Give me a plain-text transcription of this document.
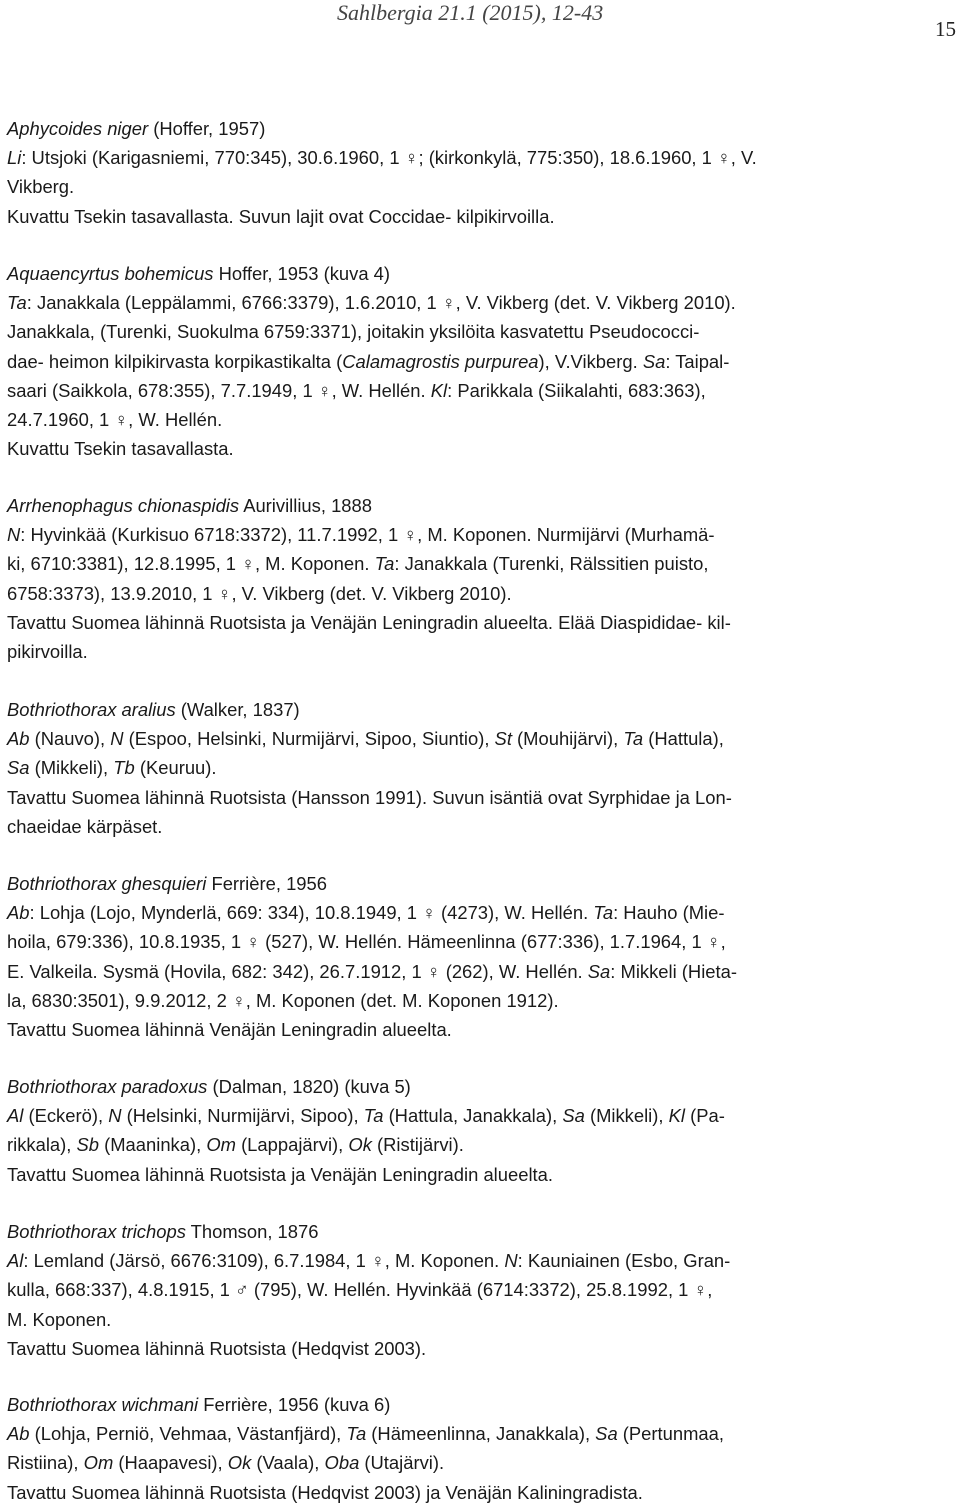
Sahlbergia 21.1 (2015), 12-43
15
Aphycoides niger (Hoffer, 1957)
Li: Utsjoki (Karigasniemi, 770:345), 30.6.1960, 1 ♀; (kirkonkylä, 775:350), 18.6.1960, 1 ♀, V.
Vikberg.
Kuvattu Tsekin tasavallasta. Suvun lajit ovat Coccidae- kilpikirvoilla.
Aquaencyrtus bohemicus Hoffer, 1953 (kuva 4)
Ta: Janakkala (Leppälammi, 6766:3379), 1.6.2010, 1 ♀, V. Vikberg (det. V. Vikberg 2010).
Janakkala, (Turenki, Suokulma 6759:3371), joitakin yksilöita kasvatettu Pseudococci-
dae- heimon kilpikirvasta korpikastikalta (Calamagrostis purpurea), V.Vikberg. Sa: Taipal-
saari (Saikkola, 678:355), 7.7.1949, 1 ♀, W. Hellén. Kl: Parikkala (Siikalahti, 683:363),
24.7.1960, 1 ♀, W. Hellén.
Kuvattu Tsekin tasavallasta.
Arrhenophagus chionaspidis Aurivillius, 1888
N: Hyvinkää (Kurkisuo 6718:3372), 11.7.1992, 1 ♀, M. Koponen. Nurmijärvi (Murhamä-
ki, 6710:3381), 12.8.1995, 1 ♀, M. Koponen. Ta: Janakkala (Turenki, Rälssitien puisto,
6758:3373), 13.9.2010, 1 ♀, V. Vikberg (det. V. Vikberg 2010).
Tavattu Suomea lähinnä Ruotsista ja Venäjän Leningradin alueelta. Elää Diaspididae- kil-
pikirvoilla.
Bothriothorax aralius (Walker, 1837)
Ab (Nauvo), N (Espoo, Helsinki, Nurmijärvi, Sipoo, Siuntio), St (Mouhijärvi), Ta (Hattula),
Sa (Mikkeli), Tb (Keuruu).
Tavattu Suomea lähinnä Ruotsista (Hansson 1991). Suvun isäntiä ovat Syrphidae ja Lon-
chaeidae kärpäset.
Bothriothorax ghesquieri Ferrière, 1956
Ab: Lohja (Lojo, Mynderlä, 669: 334), 10.8.1949, 1 ♀ (4273), W. Hellén. Ta: Hauho (Mie-
hoila, 679:336), 10.8.1935, 1 ♀ (527), W. Hellén. Hämeenlinna (677:336), 1.7.1964, 1 ♀,
E. Valkeila. Sysmä (Hovila, 682: 342), 26.7.1912, 1 ♀ (262), W. Hellén. Sa: Mikkeli (Hieta-
la, 6830:3501), 9.9.2012, 2 ♀, M. Koponen (det. M. Koponen 1912).
Tavattu Suomea lähinnä Venäjän Leningradin alueelta.
Bothriothorax paradoxus (Dalman, 1820) (kuva 5)
Al (Eckerö), N (Helsinki, Nurmijärvi, Sipoo), Ta (Hattula, Janakkala), Sa (Mikkeli), Kl (Pa-
rikkala), Sb (Maaninka), Om (Lappajärvi), Ok (Ristijärvi).
Tavattu Suomea lähinnä Ruotsista ja Venäjän Leningradin alueelta.
Bothriothorax trichops Thomson, 1876
Al: Lemland (Järsö, 6676:3109), 6.7.1984, 1 ♀, M. Koponen. N: Kauniainen (Esbo, Gran-
kulla, 668:337), 4.8.1915, 1 ♂ (795), W. Hellén. Hyvinkää (6714:3372), 25.8.1992, 1 ♀,
M. Koponen.
Tavattu Suomea lähinnä Ruotsista (Hedqvist 2003).
Bothriothorax wichmani Ferrière, 1956 (kuva 6)
Ab (Lohja, Perniö, Vehmaa, Västanfjärd), Ta (Hämeenlinna, Janakkala), Sa (Pertunmaa,
Ristiina), Om (Haapavesi), Ok (Vaala), Oba (Utajärvi).
Tavattu Suomea lähinnä Ruotsista (Hedqvist 2003) ja Venäjän Kaliningradista.
